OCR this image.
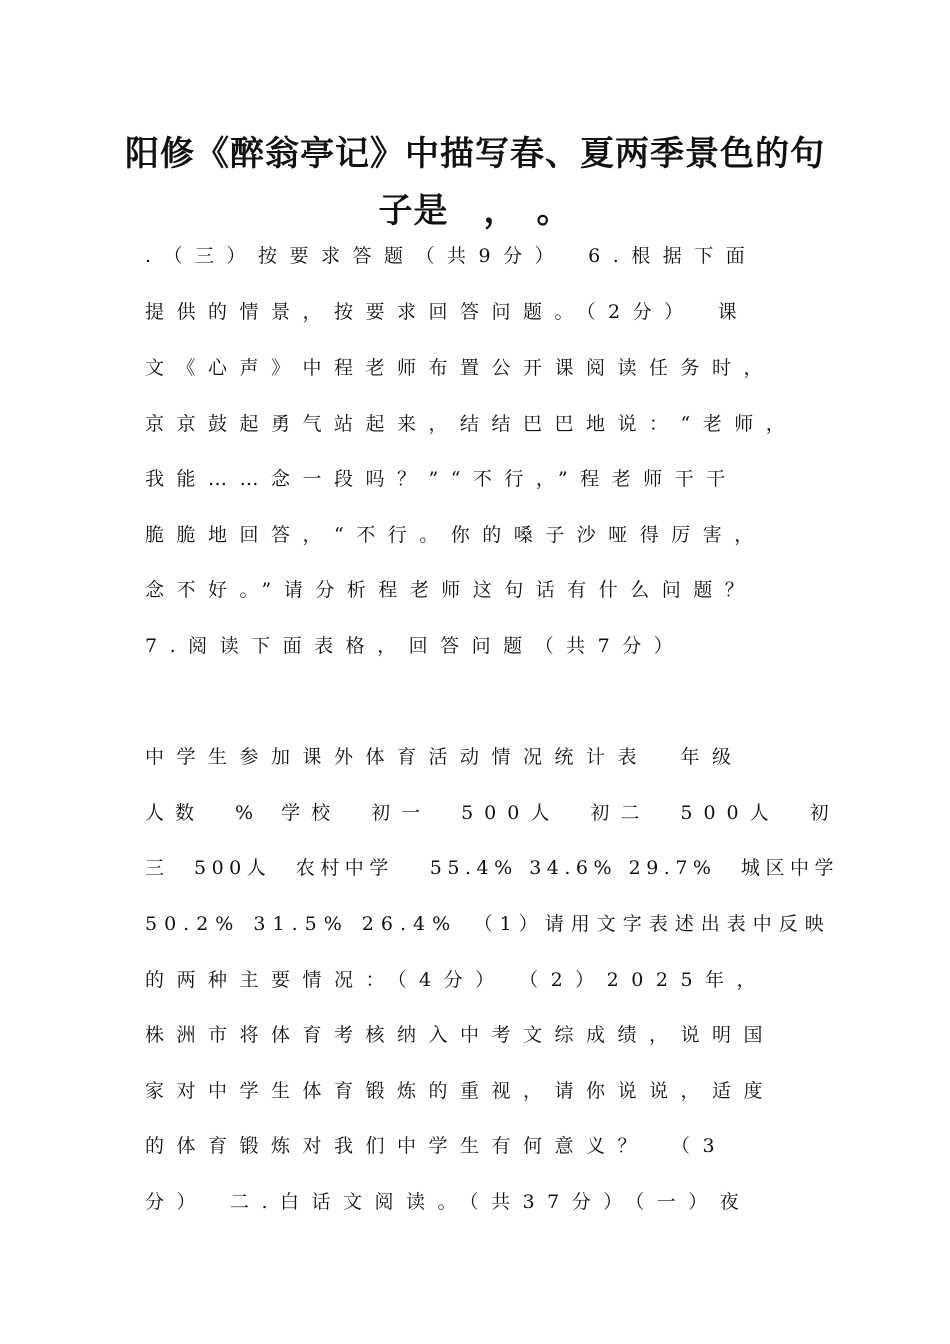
阳修《醉翁亭记》中描写春、夏两季景色的句
子是　，　。
.（三）按要求答题（共9分）　6.根据下面
提供的情景，按要求回答问题。（2分）　课
文《心声》中程老师布置公开课阅读任务时，
京京鼓起勇气站起来，结结巴巴地说：“老师，
我能……念一段吗？”“不行，”程老师干干
脆脆地回答，“不行。你的嗓子沙哑得厉害，
念不好。”请分析程老师这句话有什么问题？
7.阅读下面表格，回答问题（共7分）
中学生参加课外体育活动情况统计表　年级
人数　% 学校　初一　500人　初二　500人　初
三　500人　农村中学　 55.4% 34.6% 29.7%　城区中学
50.2% 31.5% 26.4%　（1）请用文字表述出表中反映
的两种主要情况：（4分）　（2）2025年，
株洲市将体育考核纳入中考文综成绩，说明国
家对中学生体育锻炼的重视，请你说说，适度
的体育锻炼对我们中学生有何意义？　（3
分）　二.白话文阅读。（共37分）（一）夜
